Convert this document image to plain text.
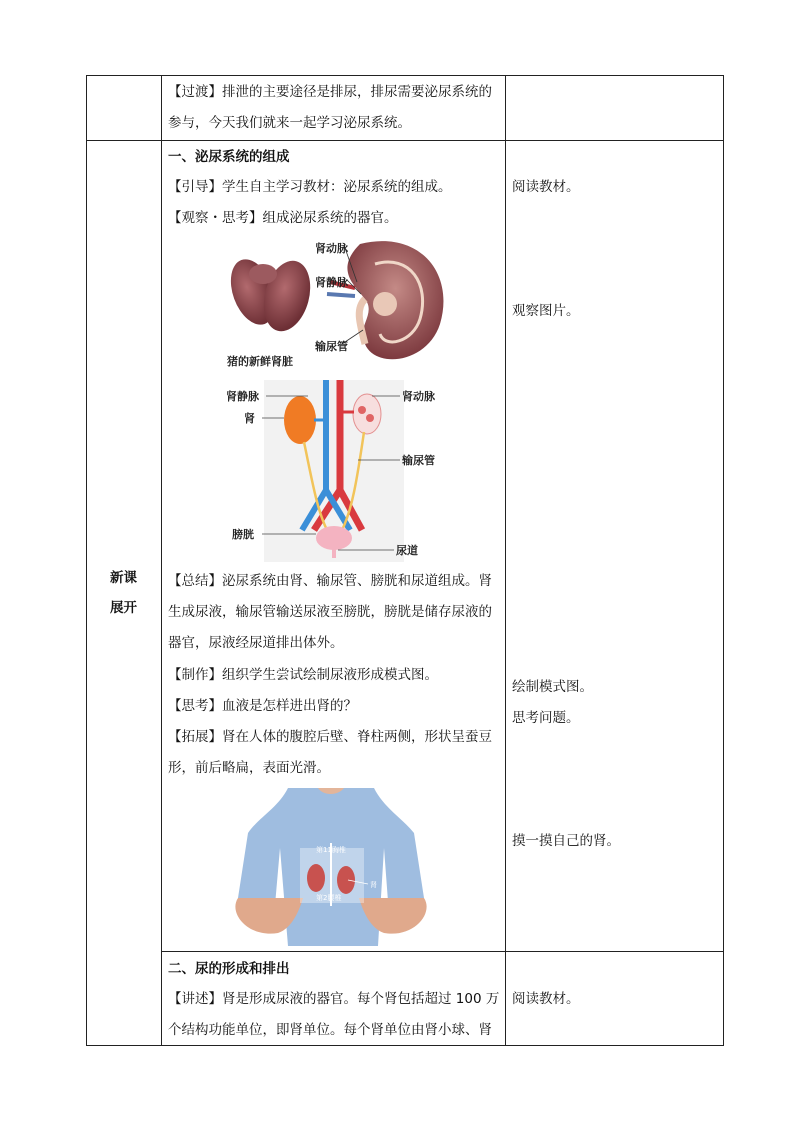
【过渡】排泄的主要途径是排尿，排尿需要泌尿系统的
参与，今天我们就来一起学习泌尿系统。
新课
展开
一、泌尿系统的组成
【引导】学生自主学习教材：泌尿系统的组成。
【观察・思考】组成泌尿系统的器官。
肾动脉
肾静脉
输尿管
猪的新鲜肾脏
肾静脉
肾
肾动脉
输尿管
膀胱
尿道
【总结】泌尿系统由肾、输尿管、膀胱和尿道组成。肾
生成尿液，输尿管输送尿液至膀胱，膀胱是储存尿液的
器官，尿液经尿道排出体外。
【制作】组织学生尝试绘制尿液形成模式图。
【思考】血液是怎样进出肾的？
【拓展】肾在人体的腹腔后壁、脊柱两侧，形状呈蚕豆
形，前后略扁，表面光滑。
第11胸椎
肾
第2腰椎
阅读教材。
观察图片。
绘制模式图。
思考问题。
摸一摸自己的肾。
二、尿的形成和排出
【讲述】肾是形成尿液的器官。每个肾包括超过 100 万
个结构功能单位，即肾单位。每个肾单位由肾小球、肾
阅读教材。
